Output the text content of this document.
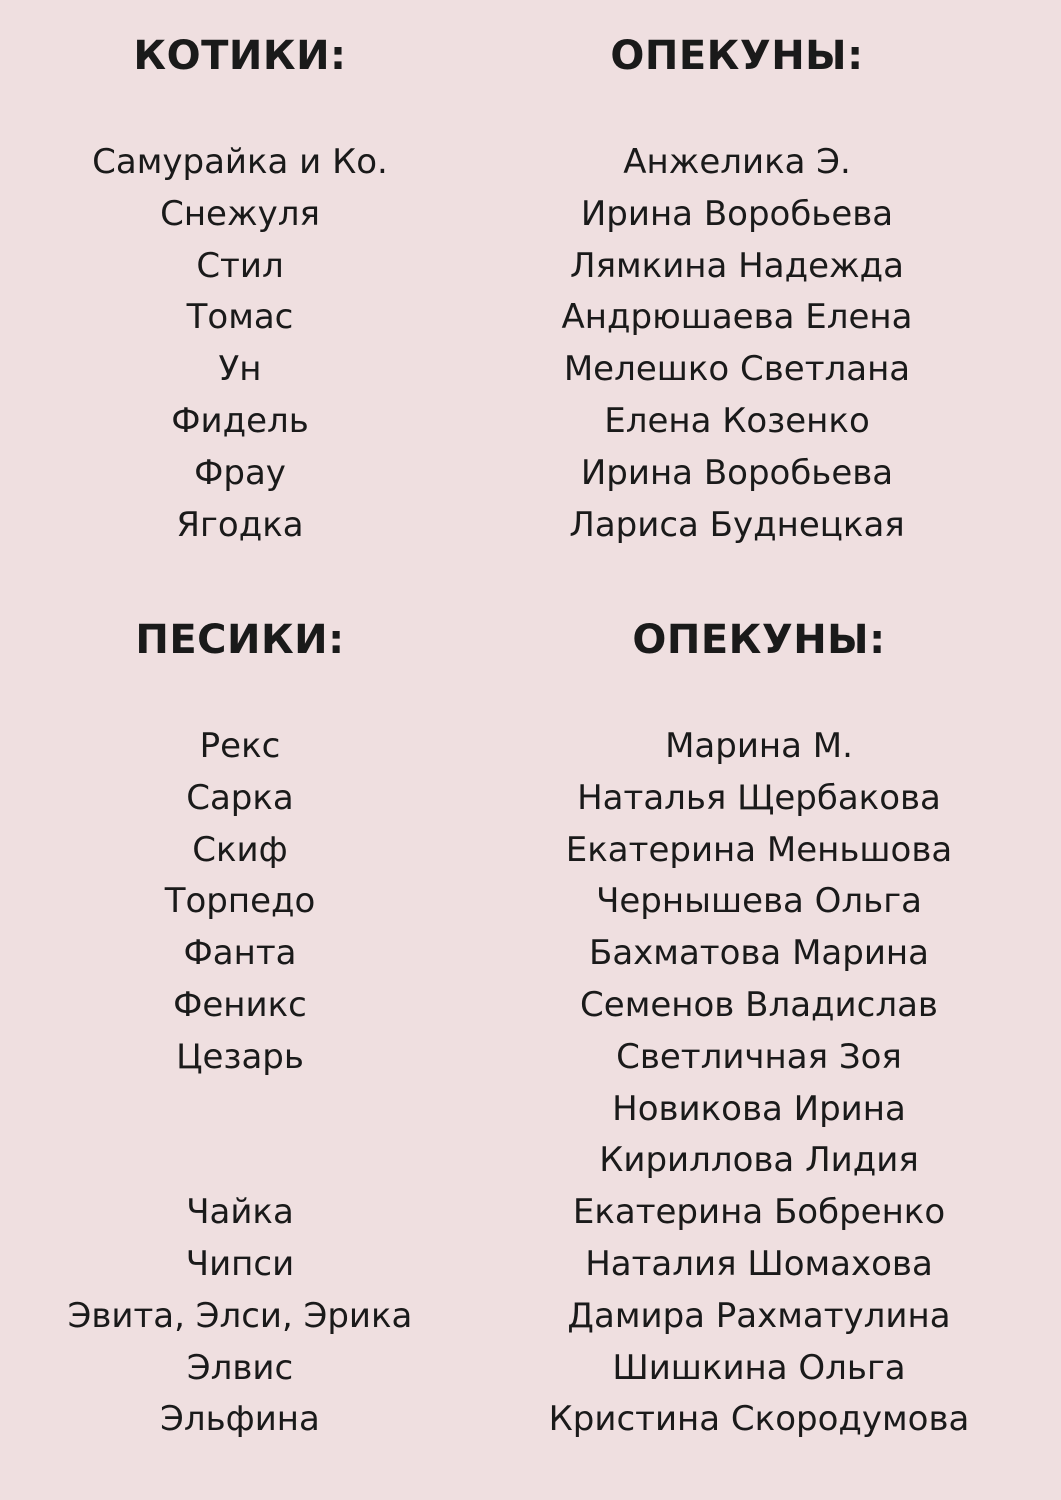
КОТИКИ:	ОПЕКУНЫ:
Самурайка и Ко.
Снежуля
Стил
Томас
Ун
Фидель
Фрау
Ягодка
Анжелика Э.
Ирина Воробьева
Лямкина Надежда
Андрюшаева Елена
Мелешко Светлана
Елена Козенко
Ирина Воробьева
Лариса Буднецкая
ПЕСИКИ:	ОПЕКУНЫ:
Рекс
Сарка
Скиф
Торпедо
Фанта
Феникс
Цезарь
Чайка
Чипси
Эвита, Элси, Эрика
Элвис
Эльфина
Марина М.
Наталья Щербакова
Екатерина Меньшова
Чернышева Ольга
Бахматова Марина
Семенов Владислав
Светличная Зоя
Новикова Ирина
Кириллова Лидия
Екатерина Бобренко
Наталия Шомахова
Дамира Рахматулина
Шишкина Ольга
Кристина Скородумова
